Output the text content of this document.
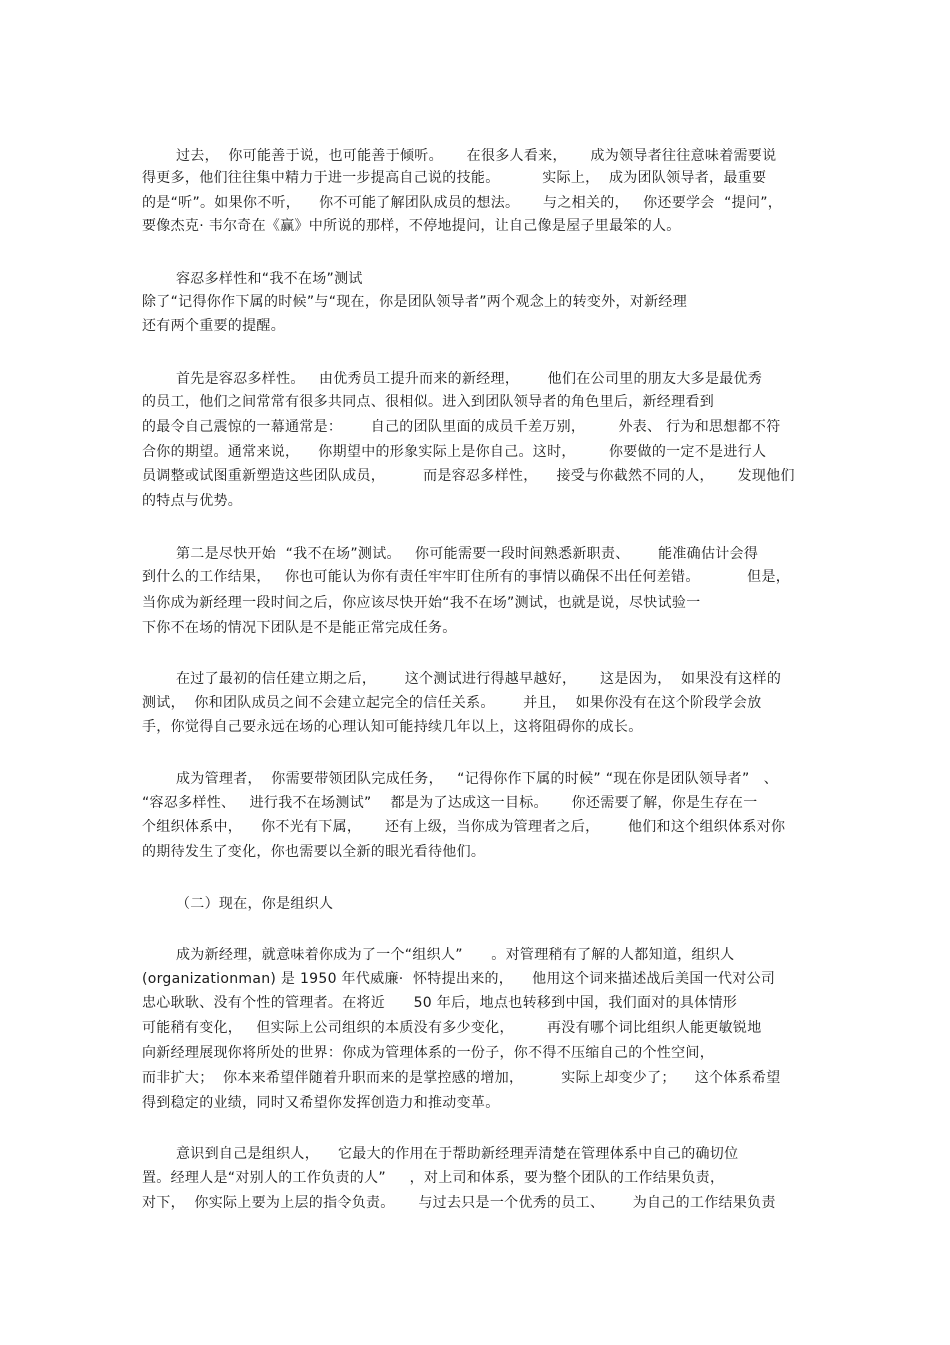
过去，  你可能善于说，也可能善于倾听。     在很多人看来，     成为领导者往往意味着需要说

得更多，他们往往集中精力于进一步提高自己说的技能。         实际上，  成为团队领导者，最重要

的是“听”。如果你不听，    你不可能了解团队成员的想法。     与之相关的，   你还要学会  “提问”，

要像杰克· 韦尔奇在《赢》中所说的那样，不停地提问，让自己像是屋子里最笨的人。

容忍多样性和“我不在场”测试

除了“记得你作下属的时候”与“现在，你是团队领导者”两个观念上的转变外，对新经理

还有两个重要的提醒。

首先是容忍多样性。   由优秀员工提升而来的新经理，      他们在公司里的朋友大多是最优秀

的员工，他们之间常常有很多共同点、很相似。进入到团队领导者的角色里后，新经理看到

的最令自己震惊的一幕通常是：      自己的团队里面的成员千差万别，       外表、 行为和思想都不符

合你的期望。通常来说，    你期望中的形象实际上是你自己。这时，       你要做的一定不是进行人

员调整或试图重新塑造这些团队成员，        而是容忍多样性，    接受与你截然不同的人，     发现他们

的特点与优势。

第二是尽快开始  “我不在场”测试。   你可能需要一段时间熟悉新职责、      能准确估计会得

到什么的工作结果，   你也可能认为你有责任牢牢盯住所有的事情以确保不出任何差错。          但是，

当你成为新经理一段时间之后，你应该尽快开始“我不在场”测试，也就是说，尽快试验一

下你不在场的情况下团队是不是能正常完成任务。

在过了最初的信任建立期之后，      这个测试进行得越早越好，     这是因为，  如果没有这样的

测试，  你和团队成员之间不会建立起完全的信任关系。      并且，  如果你没有在这个阶段学会放

手，你觉得自己要永远在场的心理认知可能持续几年以上，这将阻碍你的成长。

成为管理者，  你需要带领团队完成任务，   “记得你作下属的时候” “现在你是团队领导者”   、

“容忍多样性、   进行我不在场测试”    都是为了达成这一目标。     你还需要了解，你是生存在一

个组织体系中，    你不光有下属，     还有上级，当你成为管理者之后，      他们和这个组织体系对你

的期待发生了变化，你也需要以全新的眼光看待他们。

（二）现在，你是组织人

成为新经理，就意味着你成为了一个“组织人”      。对管理稍有了解的人都知道，组织人

(organizationman) 是 1950 年代威廉·  怀特提出来的，    他用这个词来描述战后美国一代对公司

忠心耿耿、没有个性的管理者。在将近      50 年后，地点也转移到中国，我们面对的具体情形

可能稍有变化，   但实际上公司组织的本质没有多少变化，       再没有哪个词比组织人能更敏锐地

向新经理展现你将所处的世界：你成为管理体系的一份子，你不得不压缩自己的个性空间，

而非扩大；  你本来希望伴随着升职而来的是掌控感的增加，        实际上却变少了；    这个体系希望

得到稳定的业绩，同时又希望你发挥创造力和推动变革。

意识到自己是组织人，    它最大的作用在于帮助新经理弄清楚在管理体系中自己的确切位

置。经理人是“对别人的工作负责的人”     ，对上司和体系，要为整个团队的工作结果负责，

对下，  你实际上要为上层的指令负责。     与过去只是一个优秀的员工、      为自己的工作结果负责
